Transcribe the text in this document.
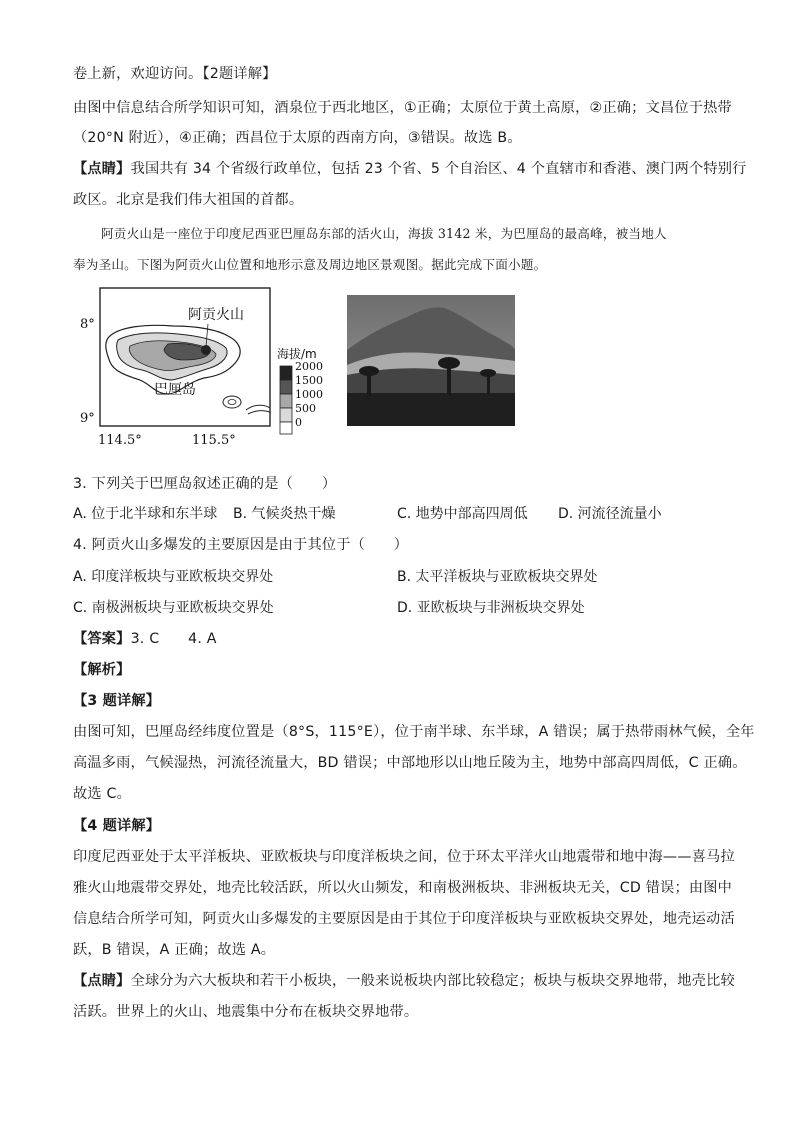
卷上新，欢迎访问。【2题详解】
由图中信息结合所学知识可知，酒泉位于西北地区，①正确；太原位于黄土高原，②正确；文昌位于热带
（20°N 附近），④正确；西昌位于太原的西南方向，③错误。故选 B。
【点睛】我国共有 34 个省级行政单位，包括 23 个省、5 个自治区、4 个直辖市和香港、澳门两个特别行
政区。北京是我们伟大祖国的首都。
阿贡火山是一座位于印度尼西亚巴厘岛东部的活火山，海拔 3142 米，为巴厘岛的最高峰，被当地人
奉为圣山。下图为阿贡火山位置和地形示意及周边地区景观图。据此完成下面小题。
阿贡火山
巴厘岛
8°
9°
114.5°	115.5°
海拔/m
2000
1500
1000
500
0
3. 下列关于巴厘岛叙述正确的是（　　）
A. 位于北半球和东半球 B. 气候炎热干燥	C. 地势中部高四周低 D. 河流径流量小
4. 阿贡火山多爆发的主要原因是由于其位于（　　）
A. 印度洋板块与亚欧板块交界处	B. 太平洋板块与亚欧板块交界处
C. 南极洲板块与亚欧板块交界处	D. 亚欧板块与非洲板块交界处
【答案】3. C　　4. A
【解析】
【3 题详解】
由图可知，巴厘岛经纬度位置是（8°S，115°E），位于南半球、东半球，A 错误；属于热带雨林气候，全年
高温多雨，气候湿热，河流径流量大，BD 错误；中部地形以山地丘陵为主，地势中部高四周低，C 正确。
故选 C。
【4 题详解】
印度尼西亚处于太平洋板块、亚欧板块与印度洋板块之间，位于环太平洋火山地震带和地中海——喜马拉
雅火山地震带交界处，地壳比较活跃，所以火山频发，和南极洲板块、非洲板块无关，CD 错误；由图中
信息结合所学可知，阿贡火山多爆发的主要原因是由于其位于印度洋板块与亚欧板块交界处，地壳运动活
跃，B 错误，A 正确；故选 A。
【点睛】全球分为六大板块和若干小板块，一般来说板块内部比较稳定；板块与板块交界地带，地壳比较
活跃。世界上的火山、地震集中分布在板块交界地带。
